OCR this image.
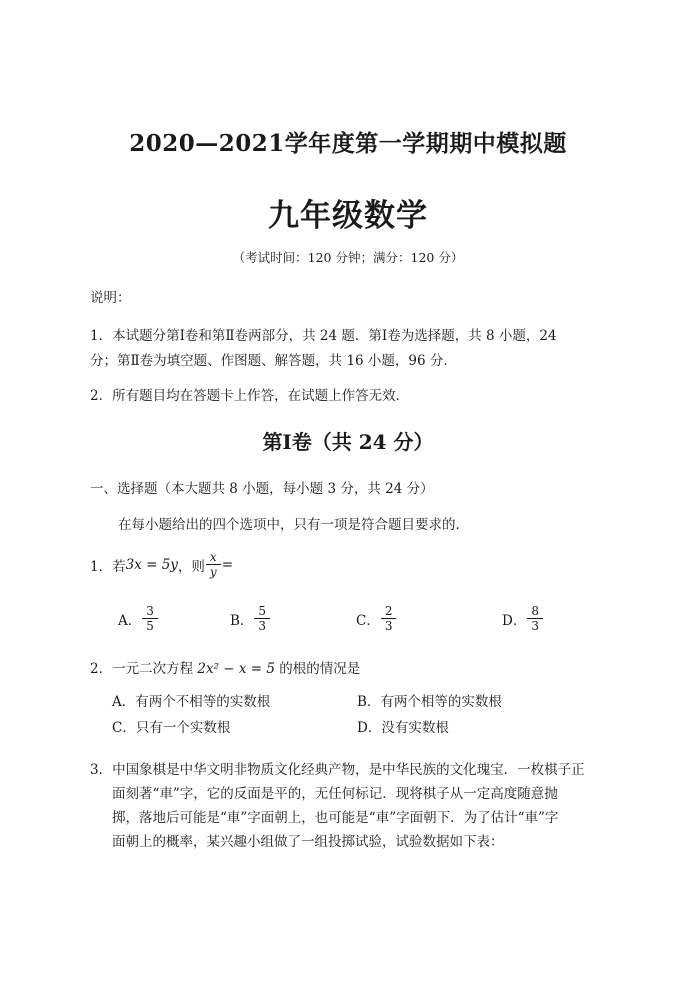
2020—2021学年度第一学期期中模拟题
九年级数学
（考试时间：120 分钟；满分：120 分）
说明：
1．本试题分第Ⅰ卷和第Ⅱ卷两部分，共 24 题．第Ⅰ卷为选择题，共 8 小题，24
分；第Ⅱ卷为填空题、作图题、解答题，共 16 小题，96 分．
2．所有题目均在答题卡上作答，在试题上作答无效．
第Ⅰ卷（共 24 分）
一、选择题（本大题共 8 小题，每小题 3 分，共 24 分）
在每小题给出的四个选项中，只有一项是符合题目要求的．
1．若 3x = 5y ，则 $\frac{x}{y}$ =
A． $\frac{3}{5}$	B． $\frac{5}{3}$	C． $\frac{2}{3}$	D． $\frac{8}{3}$
2．一元二次方程 2x² − x = 5 的根的情况是
A．有两个不相等的实数根	B．有两个相等的实数根
C．只有一个实数根	D．没有实数根
3．中国象棋是中华文明非物质文化经典产物，是中华民族的文化瑰宝．一枚棋子正
面刻著“車”字，它的反面是平的，无任何标记．现将棋子从一定高度随意抛
掷，落地后可能是“車”字面朝上，也可能是“車”字面朝下．为了估计“車”字
面朝上的概率，某兴趣小组做了一组投掷试验，试验数据如下表：
